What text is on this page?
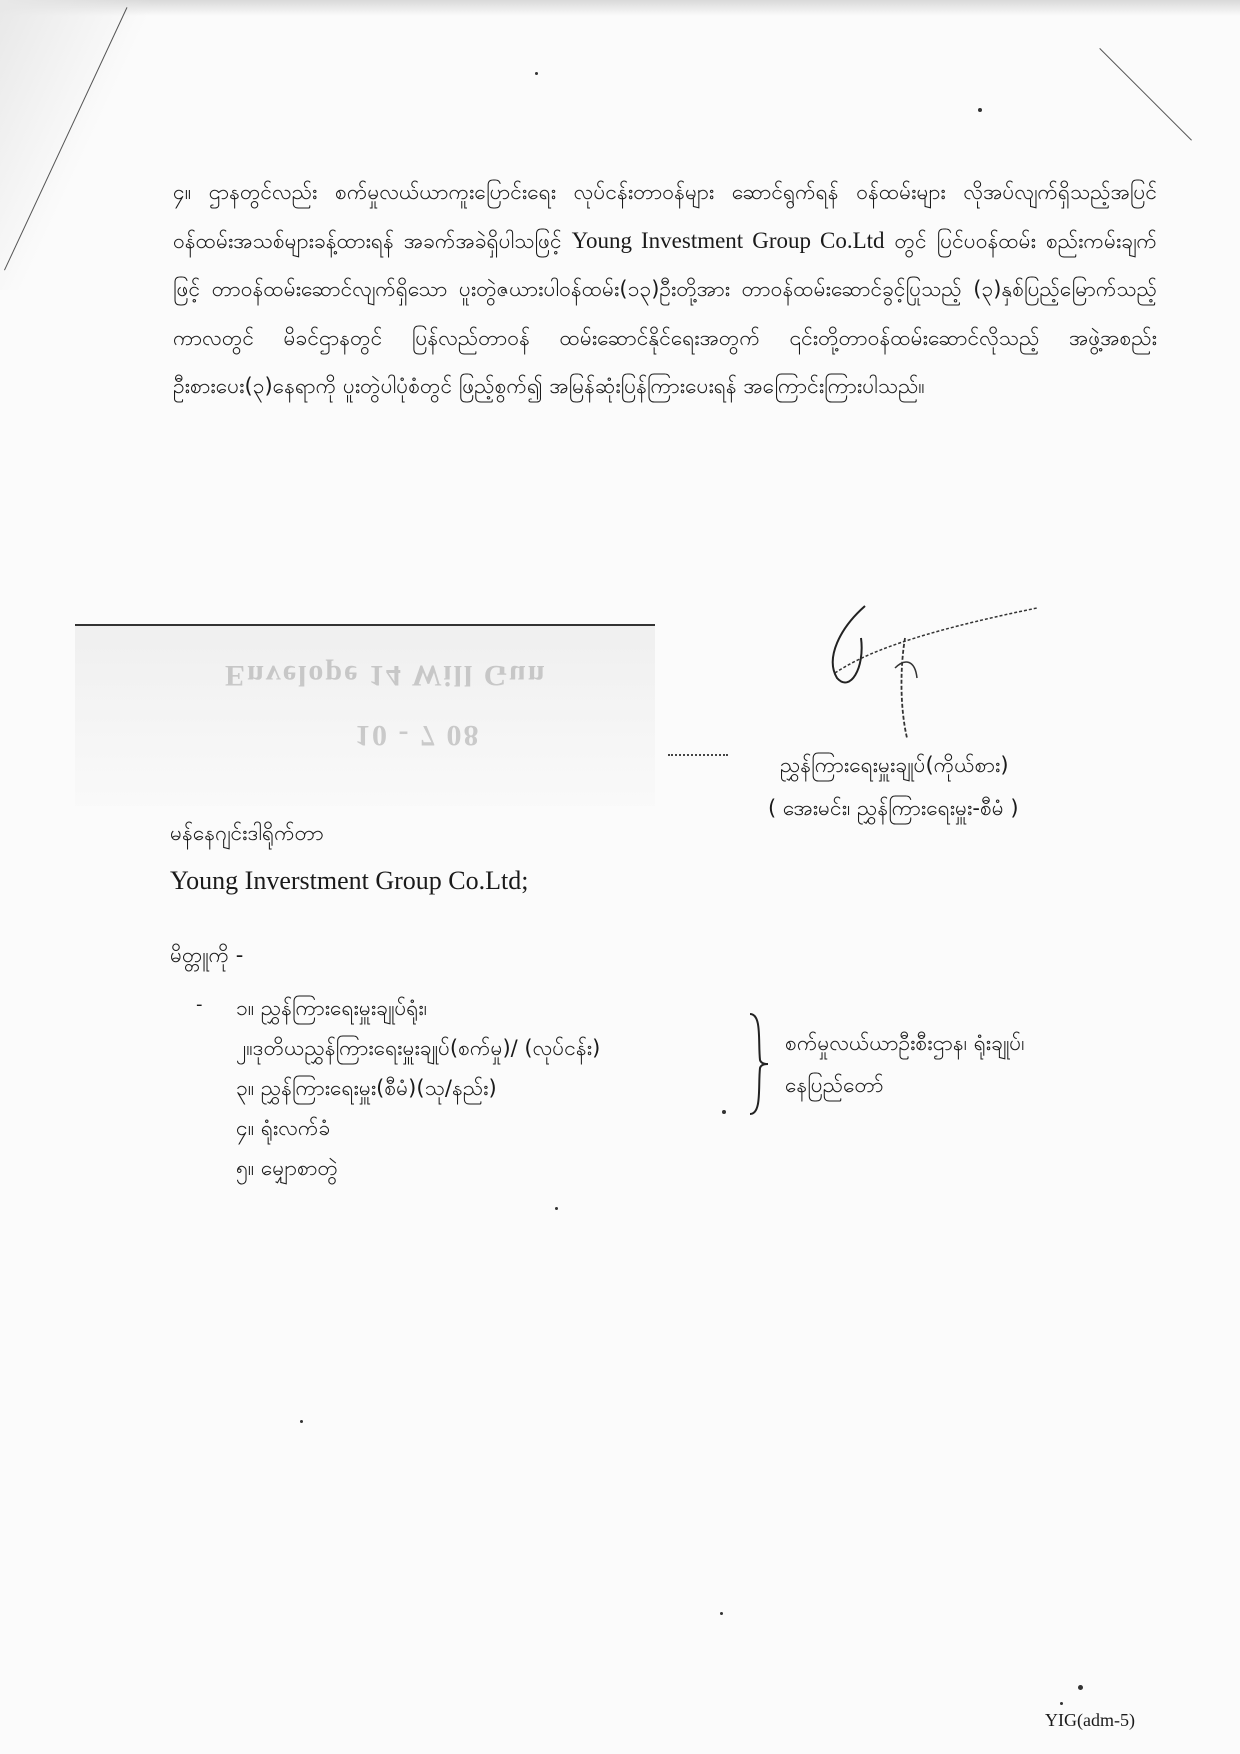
၄။ ဌာနတွင်လည်း စက်မှုလယ်ယာကူးပြောင်းရေး လုပ်ငန်းတာဝန်များ ဆောင်ရွက်ရန် ဝန်ထမ်းများ လိုအပ်လျက်ရှိသည့်အပြင် ဝန်ထမ်းအသစ်များခန့်ထားရန် အခက်အခဲရှိပါသဖြင့် Young Investment Group Co.Ltd တွင် ပြင်ပဝန်ထမ်း စည်းကမ်းချက်ဖြင့် တာဝန်ထမ်းဆောင်လျက်ရှိသော ပူးတွဲဇယားပါဝန်ထမ်း(၁၃)ဦးတို့အား တာဝန်ထမ်းဆောင်ခွင့်ပြုသည့် (၃)နှစ်ပြည့်မြောက်သည့်ကာလတွင် မိခင်ဌာနတွင် ပြန်လည်တာဝန် ထမ်းဆောင်နိုင်ရေးအတွက် ၎င်းတို့တာဝန်ထမ်းဆောင်လိုသည့် အဖွဲ့အစည်း ဦးစားပေး(၃)နေရာကို ပူးတွဲပါပုံစံတွင် ဖြည့်စွက်၍ အမြန်ဆုံးပြန်ကြားပေးရန် အကြောင်းကြားပါသည်။

Envelope 14 Will Gun
10 - 7 08
ညွှန်ကြားရေးမှူးချုပ်(ကိုယ်စား)
( အေးမင်း၊ ညွှန်ကြားရေးမှူး-စီမံ )
မန်နေဂျင်းဒါရိုက်တာ
Young Inverstment Group Co.Ltd;
မိတ္တူကို -
- ၁။ ညွှန်ကြားရေးမှူးချုပ်ရုံး၊
၂။ဒုတိယညွှန်ကြားရေးမှူးချုပ်(စက်မှု)/ (လုပ်ငန်း)
၃။ ညွှန်ကြားရေးမှူး(စီမံ)(သု/နည်း)
၄။ ရုံးလက်ခံ
၅။ မျှောစာတွဲ
စက်မှုလယ်ယာဦးစီးဌာန၊ ရုံးချုပ်၊
နေပြည်တော်
YIG(adm-5)
